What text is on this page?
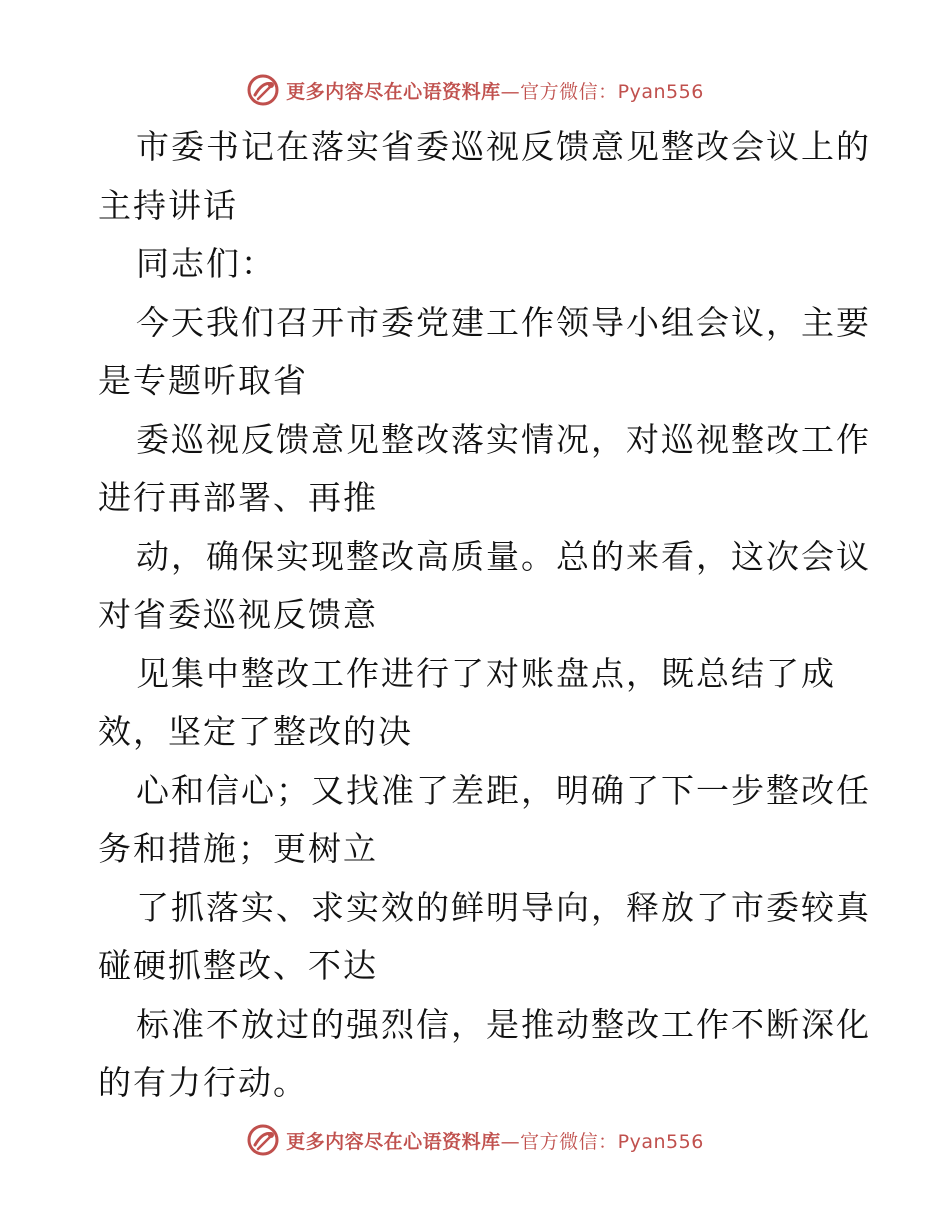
更多内容尽在心语资料库—官方微信：Pyan556
市委书记在落实省委巡视反馈意见整改会议上的
主持讲话
同志们：
今天我们召开市委党建工作领导小组会议，主要
是专题听取省
委巡视反馈意见整改落实情况，对巡视整改工作
进行再部署、再推
动，确保实现整改高质量。总的来看，这次会议
对省委巡视反馈意
见集中整改工作进行了对账盘点，既总结了成
效，坚定了整改的决
心和信心；又找准了差距，明确了下一步整改任
务和措施；更树立
了抓落实、求实效的鲜明导向，释放了市委较真
碰硬抓整改、不达
标准不放过的强烈信，是推动整改工作不断深化
的有力行动。
更多内容尽在心语资料库—官方微信：Pyan556
